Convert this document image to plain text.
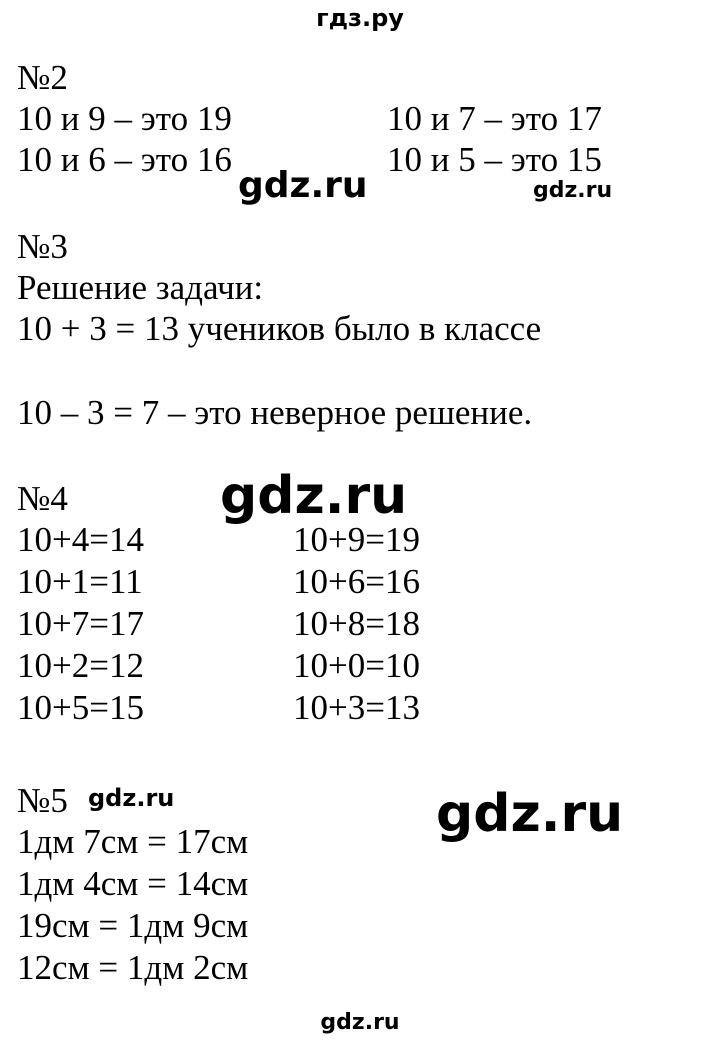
гдз.ру
gdz.ru	gdz.ru
gdz.ru
gdz.ru	gdz.ru
gdz.ru
№2
10 и 9 – это 19
10 и 6 – это 16
10 и 7 – это 17
10 и 5 – это 15
№3
Решение задачи:
10 + 3 = 13 учеников было в классе
10 – 3 = 7 – это неверное решение.
№4
10+4=14
10+1=11
10+7=17
10+2=12
10+5=15
10+9=19
10+6=16
10+8=18
10+0=10
10+3=13
№5
1дм 7см = 17см
1дм 4см = 14см
19см = 1дм 9см
12см = 1дм 2см
